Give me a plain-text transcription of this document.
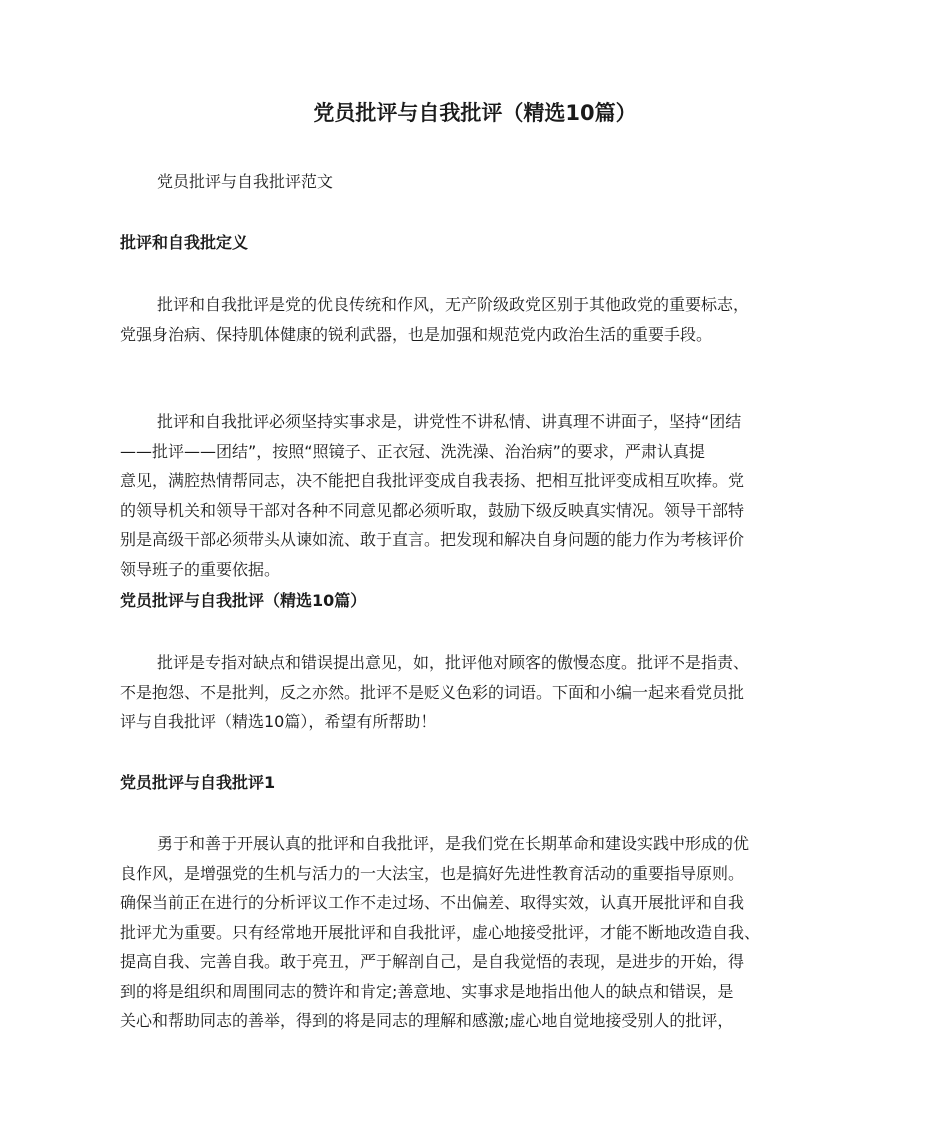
党员批评与自我批评（精选10篇）
党员批评与自我批评范文
批评和自我批定义
批评和自我批评是党的优良传统和作风，无产阶级政党区别于其他政党的重要标志，
党强身治病、保持肌体健康的锐利武器，也是加强和规范党内政治生活的重要手段。
批评和自我批评必须坚持实事求是，讲党性不讲私情、讲真理不讲面子，坚持“团结
——批评——团结”，按照“照镜子、正衣冠、洗洗澡、治治病”的要求，严肃认真提
意见，满腔热情帮同志，决不能把自我批评变成自我表扬、把相互批评变成相互吹捧。党
的领导机关和领导干部对各种不同意见都必须听取，鼓励下级反映真实情况。领导干部特
别是高级干部必须带头从谏如流、敢于直言。把发现和解决自身问题的能力作为考核评价
领导班子的重要依据。
党员批评与自我批评（精选10篇）
批评是专指对缺点和错误提出意见，如，批评他对顾客的傲慢态度。批评不是指责、
不是抱怨、不是批判，反之亦然。批评不是贬义色彩的词语。下面和小编一起来看党员批
评与自我批评（精选10篇），希望有所帮助！
党员批评与自我批评1
勇于和善于开展认真的批评和自我批评，是我们党在长期革命和建设实践中形成的优
良作风，是增强党的生机与活力的一大法宝，也是搞好先进性教育活动的重要指导原则。
确保当前正在进行的分析评议工作不走过场、不出偏差、取得实效，认真开展批评和自我
批评尤为重要。只有经常地开展批评和自我批评，虚心地接受批评，才能不断地改造自我、
提高自我、完善自我。敢于亮丑，严于解剖自己，是自我觉悟的表现，是进步的开始，得
到的将是组织和周围同志的赞许和肯定;善意地、实事求是地指出他人的缺点和错误，是
关心和帮助同志的善举，得到的将是同志的理解和感激;虚心地自觉地接受别人的批评，
